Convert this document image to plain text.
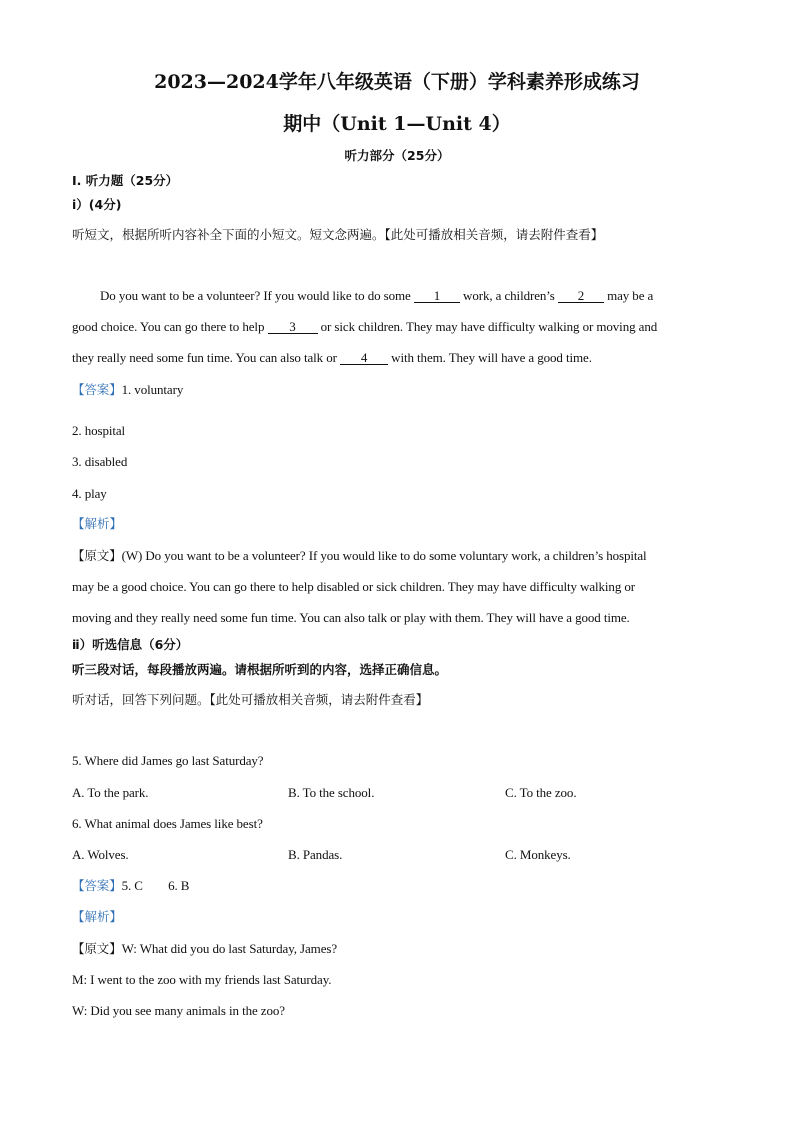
2023—2024学年八年级英语（下册）学科素养形成练习
期中（Unit 1—Unit 4）
听力部分（25分）
Ⅰ. 听力题（25分）
ⅰ）(4分)
听短文，根据所听内容补全下面的小短文。短文念两遍。【此处可播放相关音频，请去附件查看】
Do you want to be a volunteer? If you would like to do some 1 work, a children’s 2 may be a
good choice. You can go there to help 3 or sick children. They may have difficulty walking or moving and
they really need some fun time. You can also talk or 4 with them. They will have a good time.
【答案】1. voluntary
2. hospital
3. disabled
4. play
【解析】
【原文】(W) Do you want to be a volunteer? If you would like to do some voluntary work, a children’s hospital
may be a good choice. You can go there to help disabled or sick children. They may have difficulty walking or
moving and they really need some fun time. You can also talk or play with them. They will have a good time.
ⅱ）听选信息（6分）
听三段对话，每段播放两遍。请根据所听到的内容，选择正确信息。
听对话，回答下列问题。【此处可播放相关音频，请去附件查看】
5. Where did James go last Saturday?
A. To the park.	B. To the school.	C. To the zoo.
6. What animal does James like best?
A. Wolves.	B. Pandas.	C. Monkeys.
【答案】5. C        6. B
【解析】
【原文】W: What did you do last Saturday, James?
M: I went to the zoo with my friends last Saturday.
W: Did you see many animals in the zoo?
